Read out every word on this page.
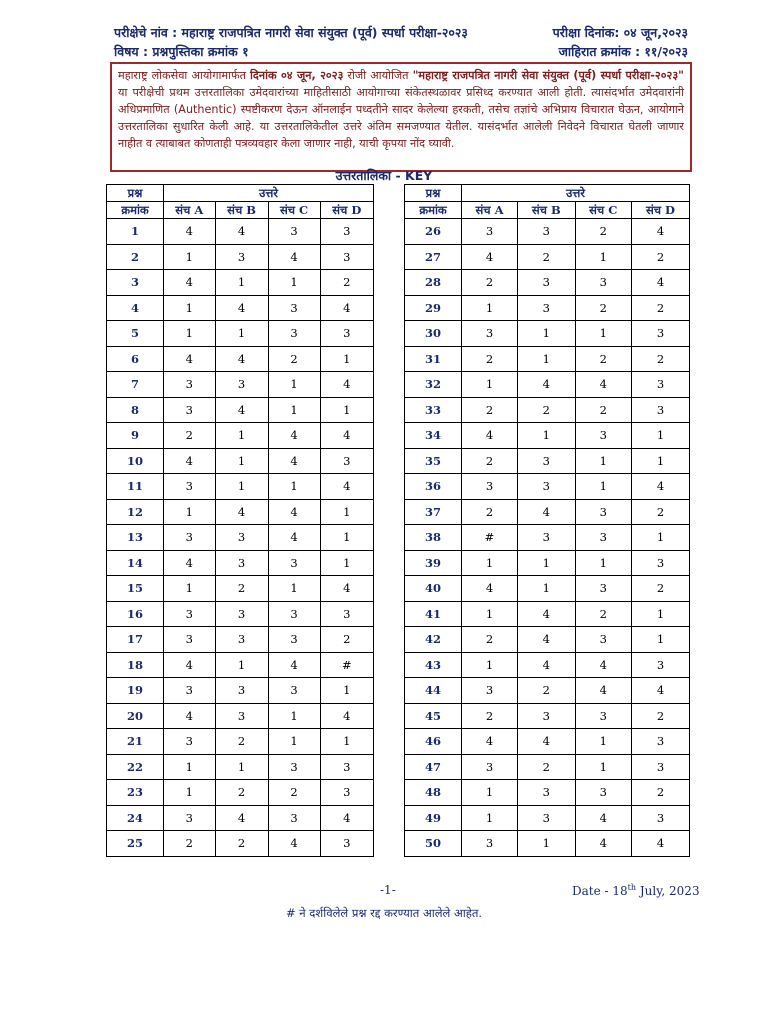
परीक्षेचे नांव : महाराष्ट्र राजपत्रित नागरी सेवा संयुक्त (पूर्व) स्पर्धा परीक्षा-२०२३	परीक्षा दिनांक: ०४ जून,२०२३
विषय : प्रश्नपुस्तिका क्रमांक १	जाहिरात क्रमांक : ११/२०२३
महाराष्ट्र लोकसेवा आयोगामार्फत दिनांक ०४ जून, २०२३ रोजी आयोजित "महाराष्ट्र राजपत्रित नागरी सेवा संयुक्त (पूर्व) स्पर्धा परीक्षा-२०२३" या परीक्षेची प्रथम उत्तरतालिका उमेदवारांच्या माहितीसाठी आयोगाच्या संकेतस्थळावर प्रसिध्द करण्यात आली होती. त्यासंदर्भात उमेदवारांनी अधिप्रमाणित (Authentic) स्पष्टीकरण देऊन ऑनलाईन पध्दतीने सादर केलेल्या हरकती, तसेच तज्ञांचे अभिप्राय विचारात घेऊन, आयोगाने उत्तरतालिका सुधारित केली आहे. या उत्तरतालिकेतील उत्तरे अंतिम समजण्यात येतील. यासंदर्भात आलेली निवेदने विचारात घेतली जाणार नाहीत व त्याबाबत कोणताही पत्रव्यवहार केला जाणार नाही, याची कृपया नोंद घ्यावी.
उत्तरतालिका - KEY
प्रश्न	उत्तरे			
क्रमांक	संच A	संच B	संच C	संच D
1	4	4	3	3
2	1	3	4	3
3	4	1	1	2
4	1	4	3	4
5	1	1	3	3
6	4	4	2	1
7	3	3	1	4
8	3	4	1	1
9	2	1	4	4
10	4	1	4	3
11	3	1	1	4
12	1	4	4	1
13	3	3	4	1
14	4	3	3	1
15	1	2	1	4
16	3	3	3	3
17	3	3	3	2
18	4	1	4	#
19	3	3	3	1
20	4	3	1	4
21	3	2	1	1
22	1	1	3	3
23	1	2	2	3
24	3	4	3	4
25	2	2	4	3
प्रश्न	उत्तरे			
क्रमांक	संच A	संच B	संच C	संच D
26	3	3	2	4
27	4	2	1	2
28	2	3	3	4
29	1	3	2	2
30	3	1	1	3
31	2	1	2	2
32	1	4	4	3
33	2	2	2	3
34	4	1	3	1
35	2	3	1	1
36	3	3	1	4
37	2	4	3	2
38	#	3	3	1
39	1	1	1	3
40	4	1	3	2
41	1	4	2	1
42	2	4	3	1
43	1	4	4	3
44	3	2	4	4
45	2	3	3	2
46	4	4	1	3
47	3	2	1	3
48	1	3	3	2
49	1	3	4	3
50	3	1	4	4
-1-	Date - 18th July, 2023
# ने दर्शविलेले प्रश्न रद्द करण्यात आलेले आहेत.
